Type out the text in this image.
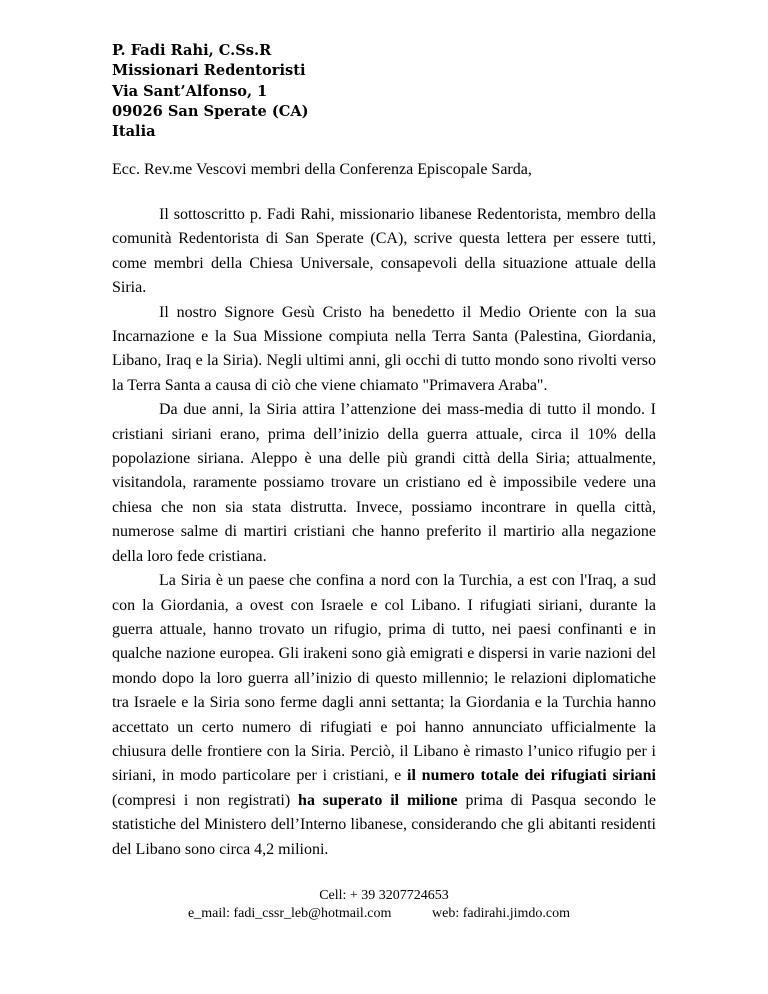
P. Fadi Rahi, C.Ss.R
Missionari Redentoristi
Via Sant’Alfonso, 1
09026 San Sperate (CA)
Italia
Ecc. Rev.me Vescovi membri della Conferenza Episcopale Sarda,

Il sottoscritto p. Fadi Rahi, missionario libanese Redentorista, membro della comunità Redentorista di San Sperate (CA), scrive questa lettera per essere tutti, come membri della Chiesa Universale, consapevoli della situazione attuale della Siria.

Il nostro Signore Gesù Cristo ha benedetto il Medio Oriente con la sua Incarnazione e la Sua Missione compiuta nella Terra Santa (Palestina, Giordania, Libano, Iraq e la Siria). Negli ultimi anni, gli occhi di tutto mondo sono rivolti verso la Terra Santa a causa di ciò che viene chiamato "Primavera Araba".

Da due anni, la Siria attira l’attenzione dei mass-media di tutto il mondo. I cristiani siriani erano, prima dell’inizio della guerra attuale, circa il 10% della popolazione siriana. Aleppo è una delle più grandi città della Siria; attualmente, visitandola, raramente possiamo trovare un cristiano ed è impossibile vedere una chiesa che non sia stata distrutta. Invece, possiamo incontrare in quella città, numerose salme di martiri cristiani che hanno preferito il martirio alla negazione della loro fede cristiana.

La Siria è un paese che confina a nord con la Turchia, a est con l'Iraq, a sud con la Giordania, a ovest con Israele e col Libano. I rifugiati siriani, durante la guerra attuale, hanno trovato un rifugio, prima di tutto, nei paesi confinanti e in qualche nazione europea. Gli irakeni sono già emigrati e dispersi in varie nazioni del mondo dopo la loro guerra all’inizio di questo millennio; le relazioni diplomatiche tra Israele e la Siria sono ferme dagli anni settanta; la Giordania e la Turchia hanno accettato un certo numero di rifugiati e poi hanno annunciato ufficialmente la chiusura delle frontiere con la Siria. Perciò, il Libano è rimasto l’unico rifugio per i siriani, in modo particolare per i cristiani, e il numero totale dei rifugiati siriani (compresi i non registrati) ha superato il milione prima di Pasqua secondo le statistiche del Ministero dell’Interno libanese, considerando che gli abitanti residenti del Libano sono circa 4,2 milioni.

Cell: + 39 3207724653
e_mail: fadi_cssr_leb@hotmail.com	web: fadirahi.jimdo.com
